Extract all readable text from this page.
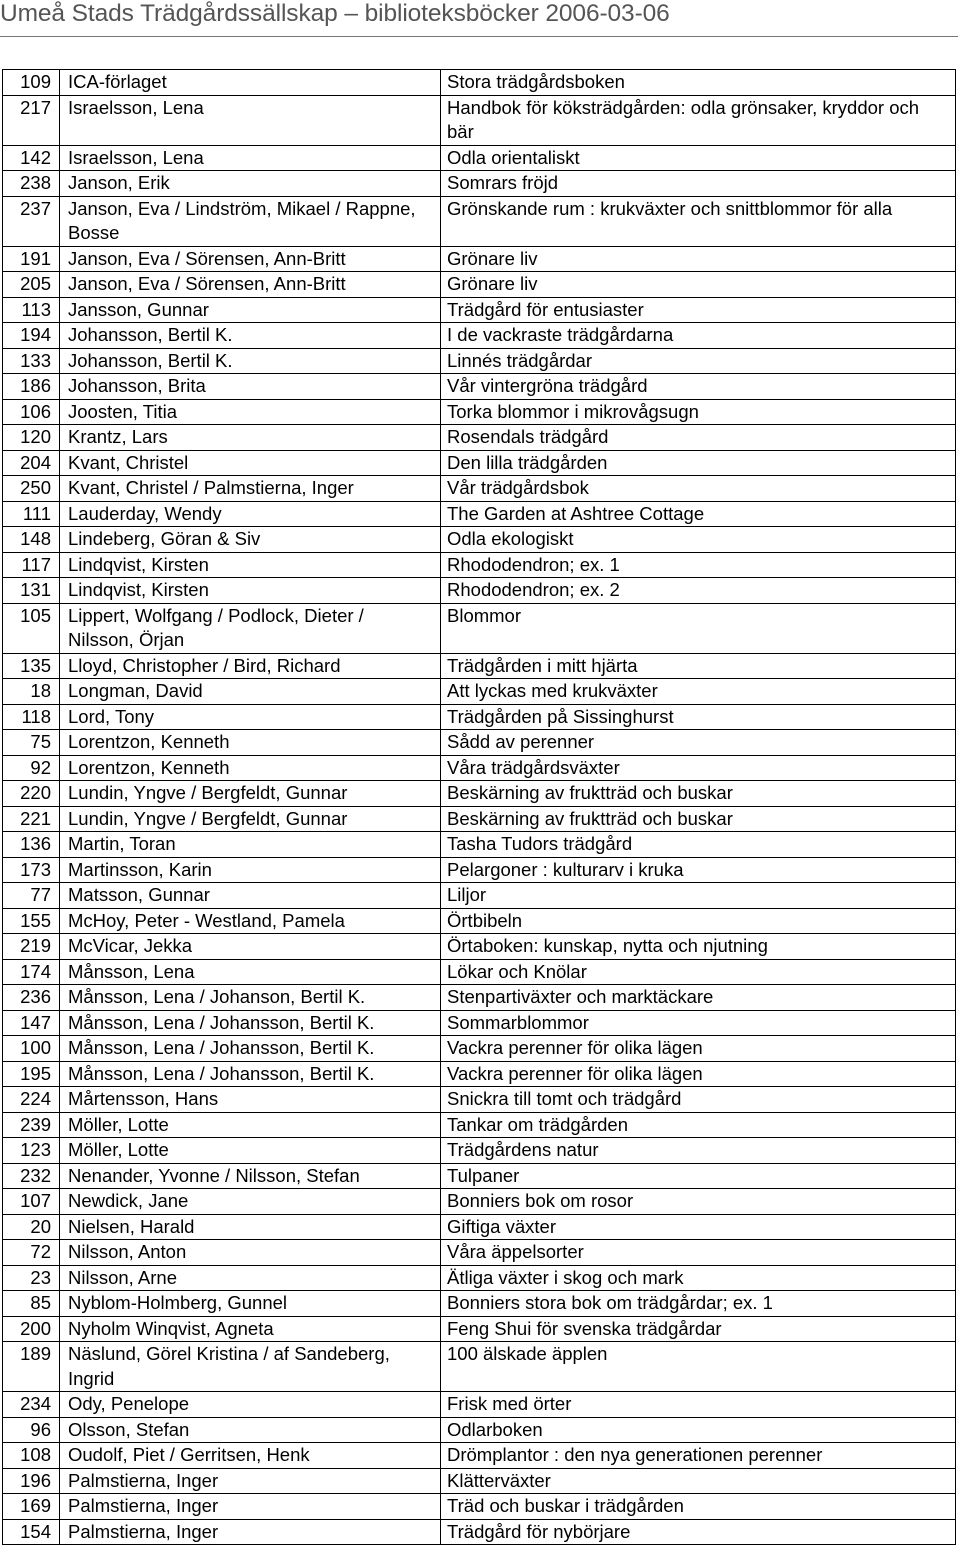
Umeå Stads Trädgårdssällskap – biblioteksböcker 2006-03-06
109	ICA-förlaget	Stora trädgårdsboken
217	Israelsson, Lena	Handbok för köksträdgården: odla grönsaker, kryddor och bär
142	Israelsson, Lena	Odla orientaliskt
238	Janson, Erik	Somrars fröjd
237	Janson, Eva / Lindström, Mikael / Rappne, Bosse	Grönskande rum : krukväxter och snittblommor för alla
191	Janson, Eva / Sörensen, Ann-Britt	Grönare liv
205	Janson, Eva / Sörensen, Ann-Britt	Grönare liv
113	Jansson, Gunnar	Trädgård för entusiaster
194	Johansson, Bertil K.	I de vackraste trädgårdarna
133	Johansson, Bertil K.	Linnés trädgårdar
186	Johansson, Brita	Vår vintergröna trädgård
106	Joosten, Titia	Torka blommor i mikrovågsugn
120	Krantz, Lars	Rosendals trädgård
204	Kvant, Christel	Den lilla trädgården
250	Kvant, Christel / Palmstierna, Inger	Vår trädgårdsbok
111	Lauderday, Wendy	The Garden at Ashtree Cottage
148	Lindeberg, Göran & Siv	Odla ekologiskt
117	Lindqvist, Kirsten	Rhododendron; ex. 1
131	Lindqvist, Kirsten	Rhododendron; ex. 2
105	Lippert, Wolfgang / Podlock, Dieter / Nilsson, Örjan	Blommor
135	Lloyd, Christopher / Bird, Richard	Trädgården i mitt hjärta
18	Longman, David	Att lyckas med krukväxter
118	Lord, Tony	Trädgården på Sissinghurst
75	Lorentzon, Kenneth	Sådd av perenner
92	Lorentzon, Kenneth	Våra trädgårdsväxter
220	Lundin, Yngve / Bergfeldt, Gunnar	Beskärning av fruktträd och buskar
221	Lundin, Yngve / Bergfeldt, Gunnar	Beskärning av fruktträd och buskar
136	Martin, Toran	Tasha Tudors trädgård
173	Martinsson, Karin	Pelargoner : kulturarv i kruka
77	Matsson, Gunnar	Liljor
155	McHoy, Peter - Westland, Pamela	Örtbibeln
219	McVicar, Jekka	Örtaboken: kunskap, nytta och njutning
174	Månsson, Lena	Lökar och Knölar
236	Månsson, Lena / Johanson, Bertil K.	Stenpartiväxter och marktäckare
147	Månsson, Lena / Johansson, Bertil K.	Sommarblommor
100	Månsson, Lena / Johansson, Bertil K.	Vackra perenner för olika lägen
195	Månsson, Lena / Johansson, Bertil K.	Vackra perenner för olika lägen
224	Mårtensson, Hans	Snickra till tomt och trädgård
239	Möller, Lotte	Tankar om trädgården
123	Möller, Lotte	Trädgårdens natur
232	Nenander, Yvonne / Nilsson, Stefan	Tulpaner
107	Newdick, Jane	Bonniers bok om rosor
20	Nielsen, Harald	Giftiga växter
72	Nilsson, Anton	Våra äppelsorter
23	Nilsson, Arne	Ätliga växter i skog och mark
85	Nyblom-Holmberg, Gunnel	Bonniers stora bok om trädgårdar; ex. 1
200	Nyholm Winqvist, Agneta	Feng Shui för svenska trädgårdar
189	Näslund, Görel Kristina / af Sandeberg, Ingrid	100 älskade äpplen
234	Ody, Penelope	Frisk med örter
96	Olsson, Stefan	Odlarboken
108	Oudolf, Piet / Gerritsen, Henk	Drömplantor : den nya generationen perenner
196	Palmstierna, Inger	Klätterväxter
169	Palmstierna, Inger	Träd och buskar i trädgården
154	Palmstierna, Inger	Trädgård för nybörjare
